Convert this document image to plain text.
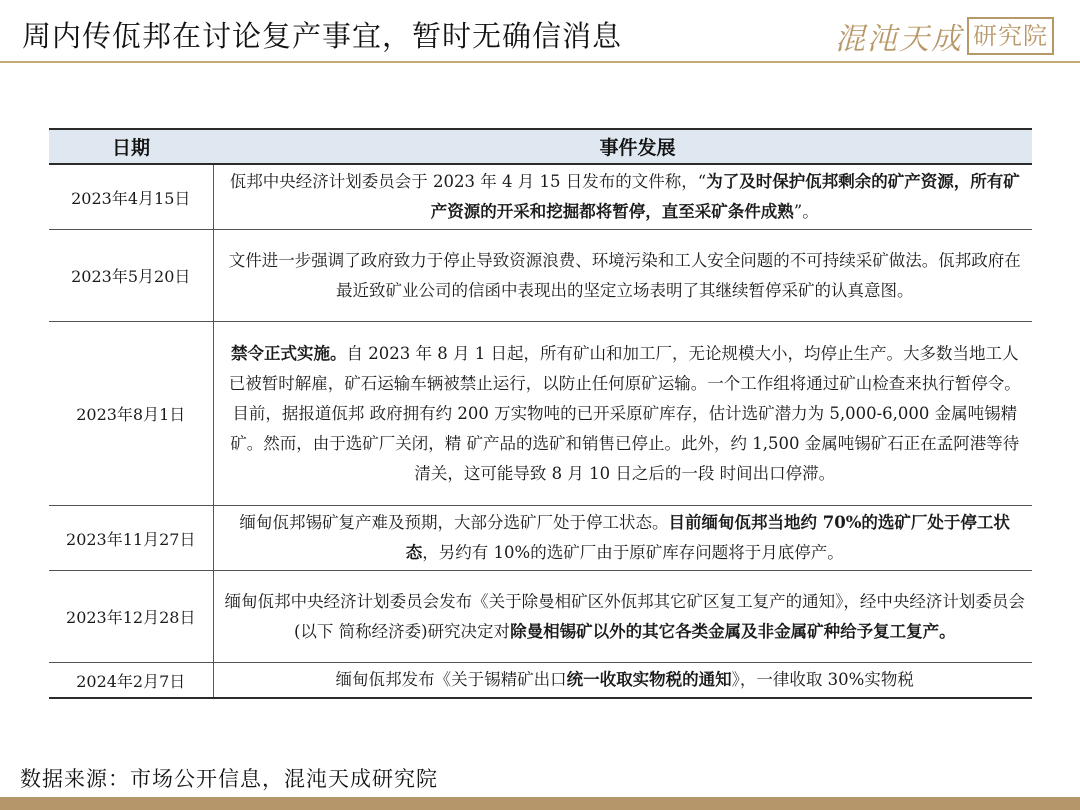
周内传佤邦在讨论复产事宜，暂时无确信消息	混沌天成 研究院
日期	事件发展
2023年4月15日	佤邦中央经济计划委员会于 2023 年 4 月 15 日发布的文件称，“为了及时保护佤邦剩余的矿产资源，所有矿产资源的开采和挖掘都将暂停，直至采矿条件成熟”。
2023年5月20日	文件进一步强调了政府致力于停止导致资源浪费、环境污染和工人安全问题的不可持续采矿做法。佤邦政府在最近致矿业公司的信函中表现出的坚定立场表明了其继续暂停采矿的认真意图。
2023年8月1日	禁令正式实施。自 2023 年 8 月 1 日起，所有矿山和加工厂，无论规模大小，均停止生产。大多数当地工人已被暂时解雇，矿石运输车辆被禁止运行，以防止任何原矿运输。一个工作组将通过矿山检查来执行暂停令。目前，据报道佤邦 政府拥有约 200 万实物吨的已开采原矿库存，估计选矿潜力为 5,000-6,000 金属吨锡精矿。然而，由于选矿厂关闭，精 矿产品的选矿和销售已停止。此外，约 1,500 金属吨锡矿石正在孟阿港等待清关，这可能导致 8 月 10 日之后的一段 时间出口停滞。
2023年11月27日	缅甸佤邦锡矿复产难及预期，大部分选矿厂处于停工状态。目前缅甸佤邦当地约 70%的选矿厂处于停工状态，另约有 10%的选矿厂由于原矿库存问题将于月底停产。
2023年12月28日	缅甸佤邦中央经济计划委员会发布《关于除曼相矿区外佤邦其它矿区复工复产的通知》，经中央经济计划委员会(以下 简称经济委)研究决定对除曼相锡矿以外的其它各类金属及非金属矿种给予复工复产。
2024年2月7日	缅甸佤邦发布《关于锡精矿出口统一收取实物税的通知》，一律收取 30%实物税
数据来源：市场公开信息，混沌天成研究院
